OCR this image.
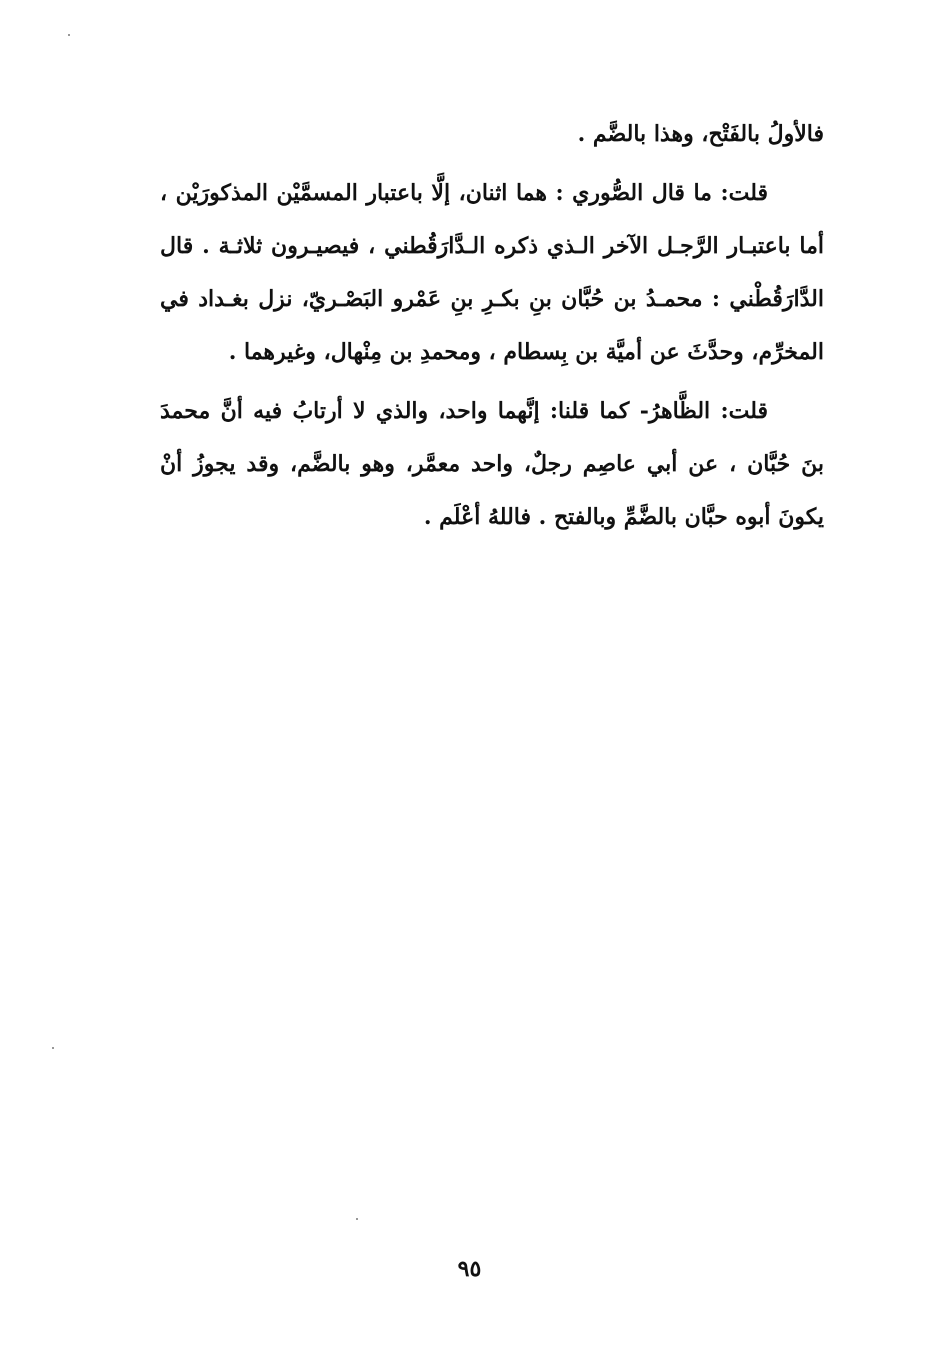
فالأولُ بالفَتْح، وهذا بالضَّم .

قلت: ما قال الصُّوري : هما اثنان، إلَّا باعتبار المسمَّيْن المذكورَيْن ، أما باعتبـار الرَّجـل الآخر الـذي ذكره الـدَّارَقُطني ، فيصيـرون ثلاثـة . قال الدَّارَقُطْني : محمـدُ بن حُبَّان بنِ بكـرِ بنِ عَمْرو البَصْـريّ، نزل بغـداد في المخرِّم، وحدَّثَ عن أميَّة بن بِسطام ، ومحمدِ بن مِنْهال، وغيرهما .

قلت: الظَّاهرُ- كما قلنا: إنَّهما واحد، والذي لا أرتابُ فيه أنَّ محمدَ بنَ حُبَّان ، عن أبي عاصِم رجلٌ، واحد معمَّر، وهو بالضَّم، وقد يجوزُ أنْ يكونَ أبوه حبَّان بالضَّمِّ وبالفتح . فاللهُ أعْلَم .

٩٥
